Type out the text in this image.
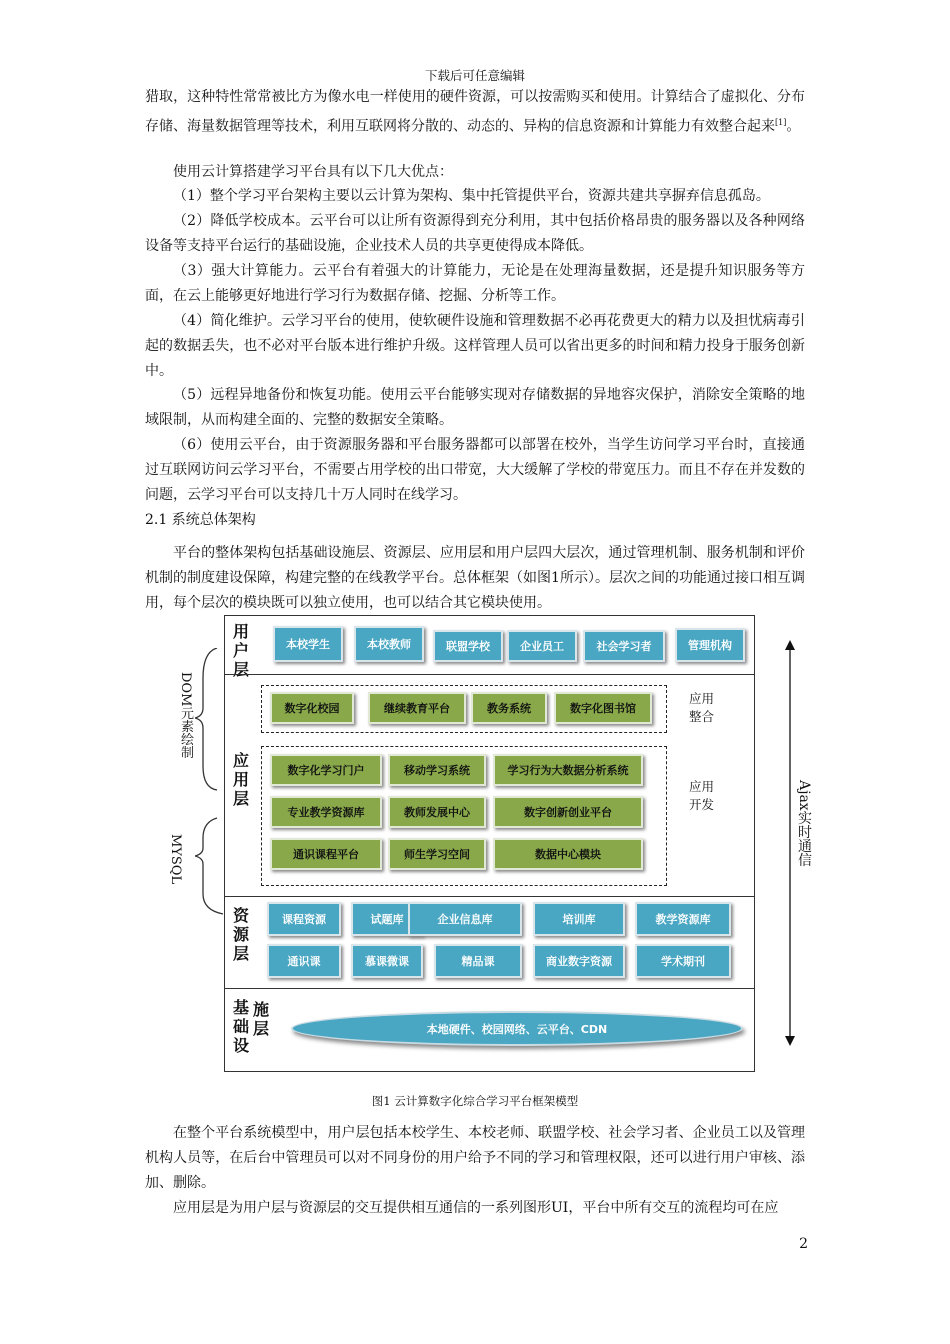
下载后可任意编辑
猎取，这种特性常常被比方为像水电一样使用的硬件资源，可以按需购买和使用。计算结合了虚拟化、分布存储、海量数据管理等技术，利用互联网将分散的、动态的、异构的信息资源和计算能力有效整合起来[1]。
使用云计算搭建学习平台具有以下几大优点：
（1）整个学习平台架构主要以云计算为架构、集中托管提供平台，资源共建共享摒弃信息孤岛。
（2）降低学校成本。云平台可以让所有资源得到充分利用，其中包括价格昂贵的服务器以及各种网络设备等支持平台运行的基础设施，企业技术人员的共享更使得成本降低。
（3）强大计算能力。云平台有着强大的计算能力，无论是在处理海量数据，还是提升知识服务等方面，在云上能够更好地进行学习行为数据存储、挖掘、分析等工作。
（4）简化维护。云学习平台的使用，使软硬件设施和管理数据不必再花费更大的精力以及担忧病毒引起的数据丢失，也不必对平台版本进行维护升级。这样管理人员可以省出更多的时间和精力投身于服务创新中。
（5）远程异地备份和恢复功能。使用云平台能够实现对存储数据的异地容灾保护，消除安全策略的地域限制，从而构建全面的、完整的数据安全策略。
（6）使用云平台，由于资源服务器和平台服务器都可以部署在校外，当学生访问学习平台时，直接通过互联网访问云学习平台，不需要占用学校的出口带宽，大大缓解了学校的带宽压力。而且不存在并发数的问题，云学习平台可以支持几十万人同时在线学习。
2.1 系统总体架构
平台的整体架构包括基础设施层、资源层、应用层和用户层四大层次，通过管理机制、服务机制和评价机制的制度建设保障，构建完整的在线教学平台。总体框架（如图1所示）。层次之间的功能通过接口相互调用，每个层次的模块既可以独立使用，也可以结合其它模块使用。
用户层
本校学生	本校教师	联盟学校	企业员工	社会学习者	管理机构
应用层
数字化校园	继续教育平台	教务系统	数字化图书馆
应用整合
数字化学习门户	移动学习系统	学习行为大数据分析系统
专业教学资源库	教师发展中心	数字创新创业平台
通识课程平台	师生学习空间	数据中心模块
应用开发
资源层
课程资源	试题库	企业信息库	培训库	教学资源库
通识课	慕课微课	精品课	商业数字资源	学术期刊
基础设
施层	本地硬件、校园网络、云平台、CDN
DOM元素绘制
MYSQL	Ajax实时通信
图1 云计算数字化综合学习平台框架模型
在整个平台系统模型中，用户层包括本校学生、本校老师、联盟学校、社会学习者、企业员工以及管理机构人员等，在后台中管理员可以对不同身份的用户给予不同的学习和管理权限，还可以进行用户审核、添加、删除。
应用层是为用户层与资源层的交互提供相互通信的一系列图形UI，平台中所有交互的流程均可在应
2
